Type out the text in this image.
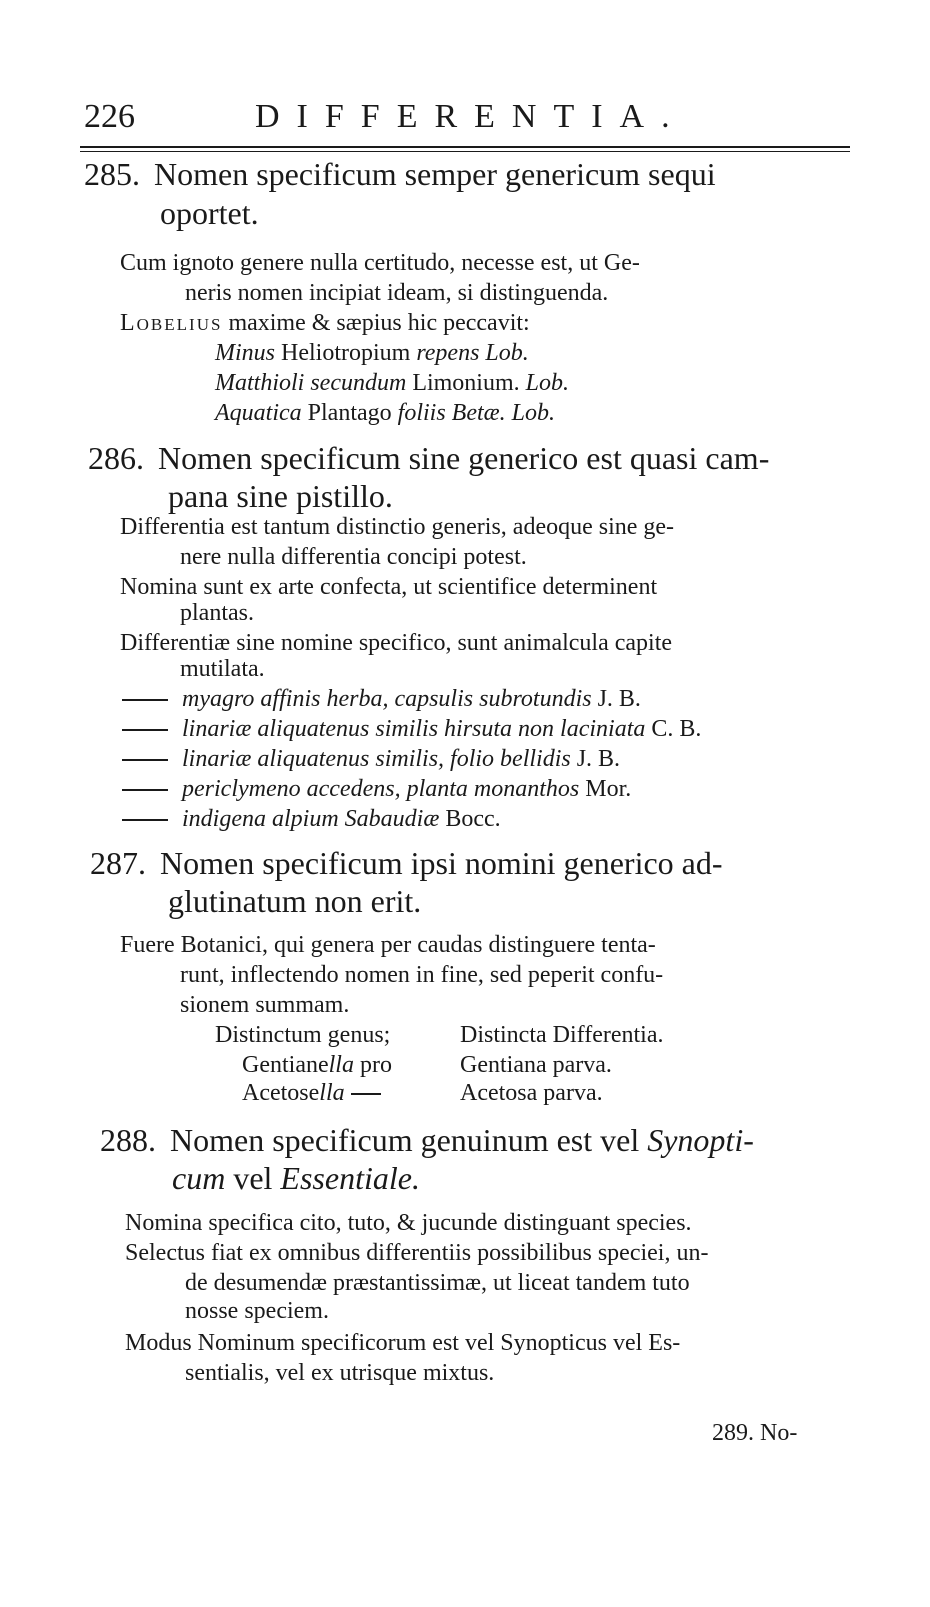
226	DIFFERENTIA.
285. Nomen specificum semper genericum sequi
oportet.
Cum ignoto genere nulla certitudo, necesse est, ut Ge-
neris nomen incipiat ideam, si distinguenda.
Lobelius maxime & sæpius hic peccavit:
Minus Heliotropium repens Lob.
Matthioli secundum Limonium. Lob.
Aquatica Plantago foliis Betæ. Lob.
286. Nomen specificum sine generico est quasi cam-
pana sine pistillo.
Differentia est tantum distinctio generis, adeoque sine ge-
nere nulla differentia concipi potest.
Nomina sunt ex arte confecta, ut scientifice determinent
plantas.
Differentiæ sine nomine specifico, sunt animalcula capite
mutilata.
myagro affinis herba, capsulis subrotundis J. B.
linariæ aliquatenus similis hirsuta non laciniata C. B.
linariæ aliquatenus similis, folio bellidis J. B.
periclymeno accedens, planta monanthos Mor.
indigena alpium Sabaudiæ Bocc.
287. Nomen specificum ipsi nomini generico ad-
glutinatum non erit.
Fuere Botanici, qui genera per caudas distinguere tenta-
runt, inflectendo nomen in fine, sed peperit confu-
sionem summam.
Distinctum genus;	Distincta Differentia.
Gentianella pro	Gentiana parva.
Acetosella	Acetosa parva.
288. Nomen specificum genuinum est vel Synopti-
cum vel Essentiale.
Nomina specifica cito, tuto, & jucunde distinguant species.
Selectus fiat ex omnibus differentiis possibilibus speciei, un-
de desumendæ præstantissimæ, ut liceat tandem tuto
nosse speciem.
Modus Nominum specificorum est vel Synopticus vel Es-
sentialis, vel ex utrisque mixtus.
289. No-
